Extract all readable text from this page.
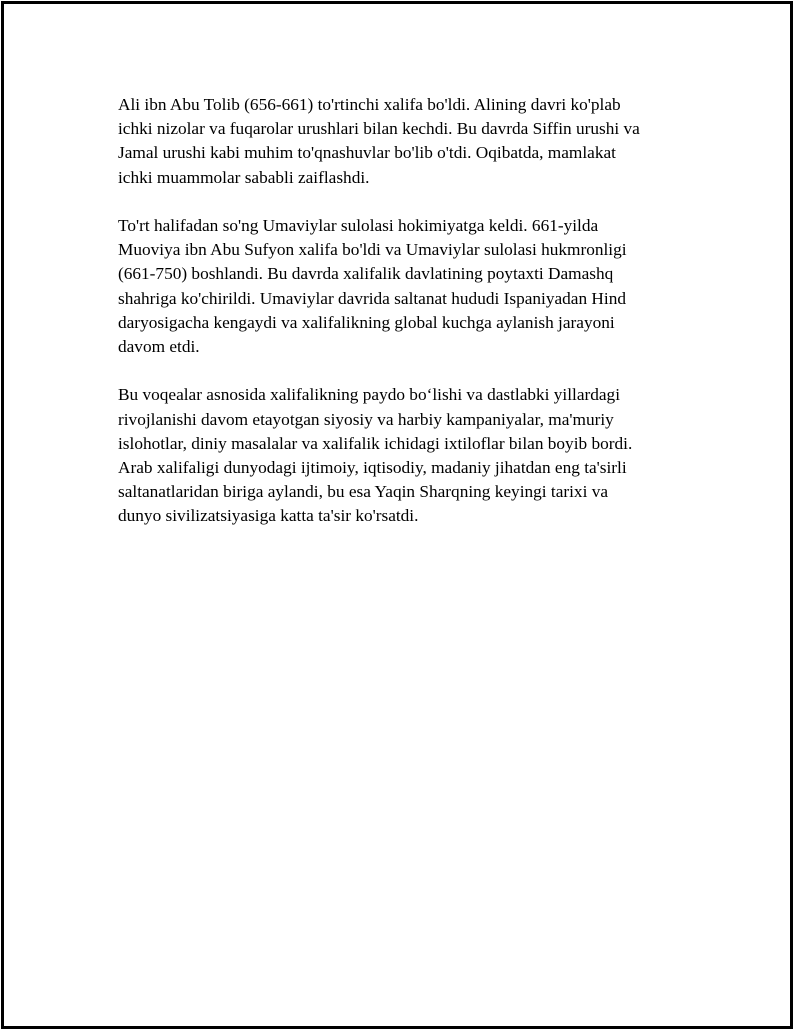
Ali ibn Abu Tolib (656-661) to'rtinchi xalifa bo'ldi. Alining davri ko'plab
ichki nizolar va fuqarolar urushlari bilan kechdi. Bu davrda Siffin urushi va
Jamal urushi kabi muhim to'qnashuvlar bo'lib o'tdi. Oqibatda, mamlakat
ichki muammolar sababli zaiflashdi.

To'rt halifadan so'ng Umaviylar sulolasi hokimiyatga keldi. 661-yilda
Muoviya ibn Abu Sufyon xalifa bo'ldi va Umaviylar sulolasi hukmronligi
(661-750) boshlandi. Bu davrda xalifalik davlatining poytaxti Damashq
shahriga ko'chirildi. Umaviylar davrida saltanat hududi Ispaniyadan Hind
daryosigacha kengaydi va xalifalikning global kuchga aylanish jarayoni
davom etdi.

Bu voqealar asnosida xalifalikning paydo bo‘lishi va dastlabki yillardagi
rivojlanishi davom etayotgan siyosiy va harbiy kampaniyalar, ma'muriy
islohotlar, diniy masalalar va xalifalik ichidagi ixtiloflar bilan boyib bordi.
Arab xalifaligi dunyodagi ijtimoiy, iqtisodiy, madaniy jihatdan eng ta'sirli
saltanatlaridan biriga aylandi, bu esa Yaqin Sharqning keyingi tarixi va
dunyo sivilizatsiyasiga katta ta'sir ko'rsatdi.
